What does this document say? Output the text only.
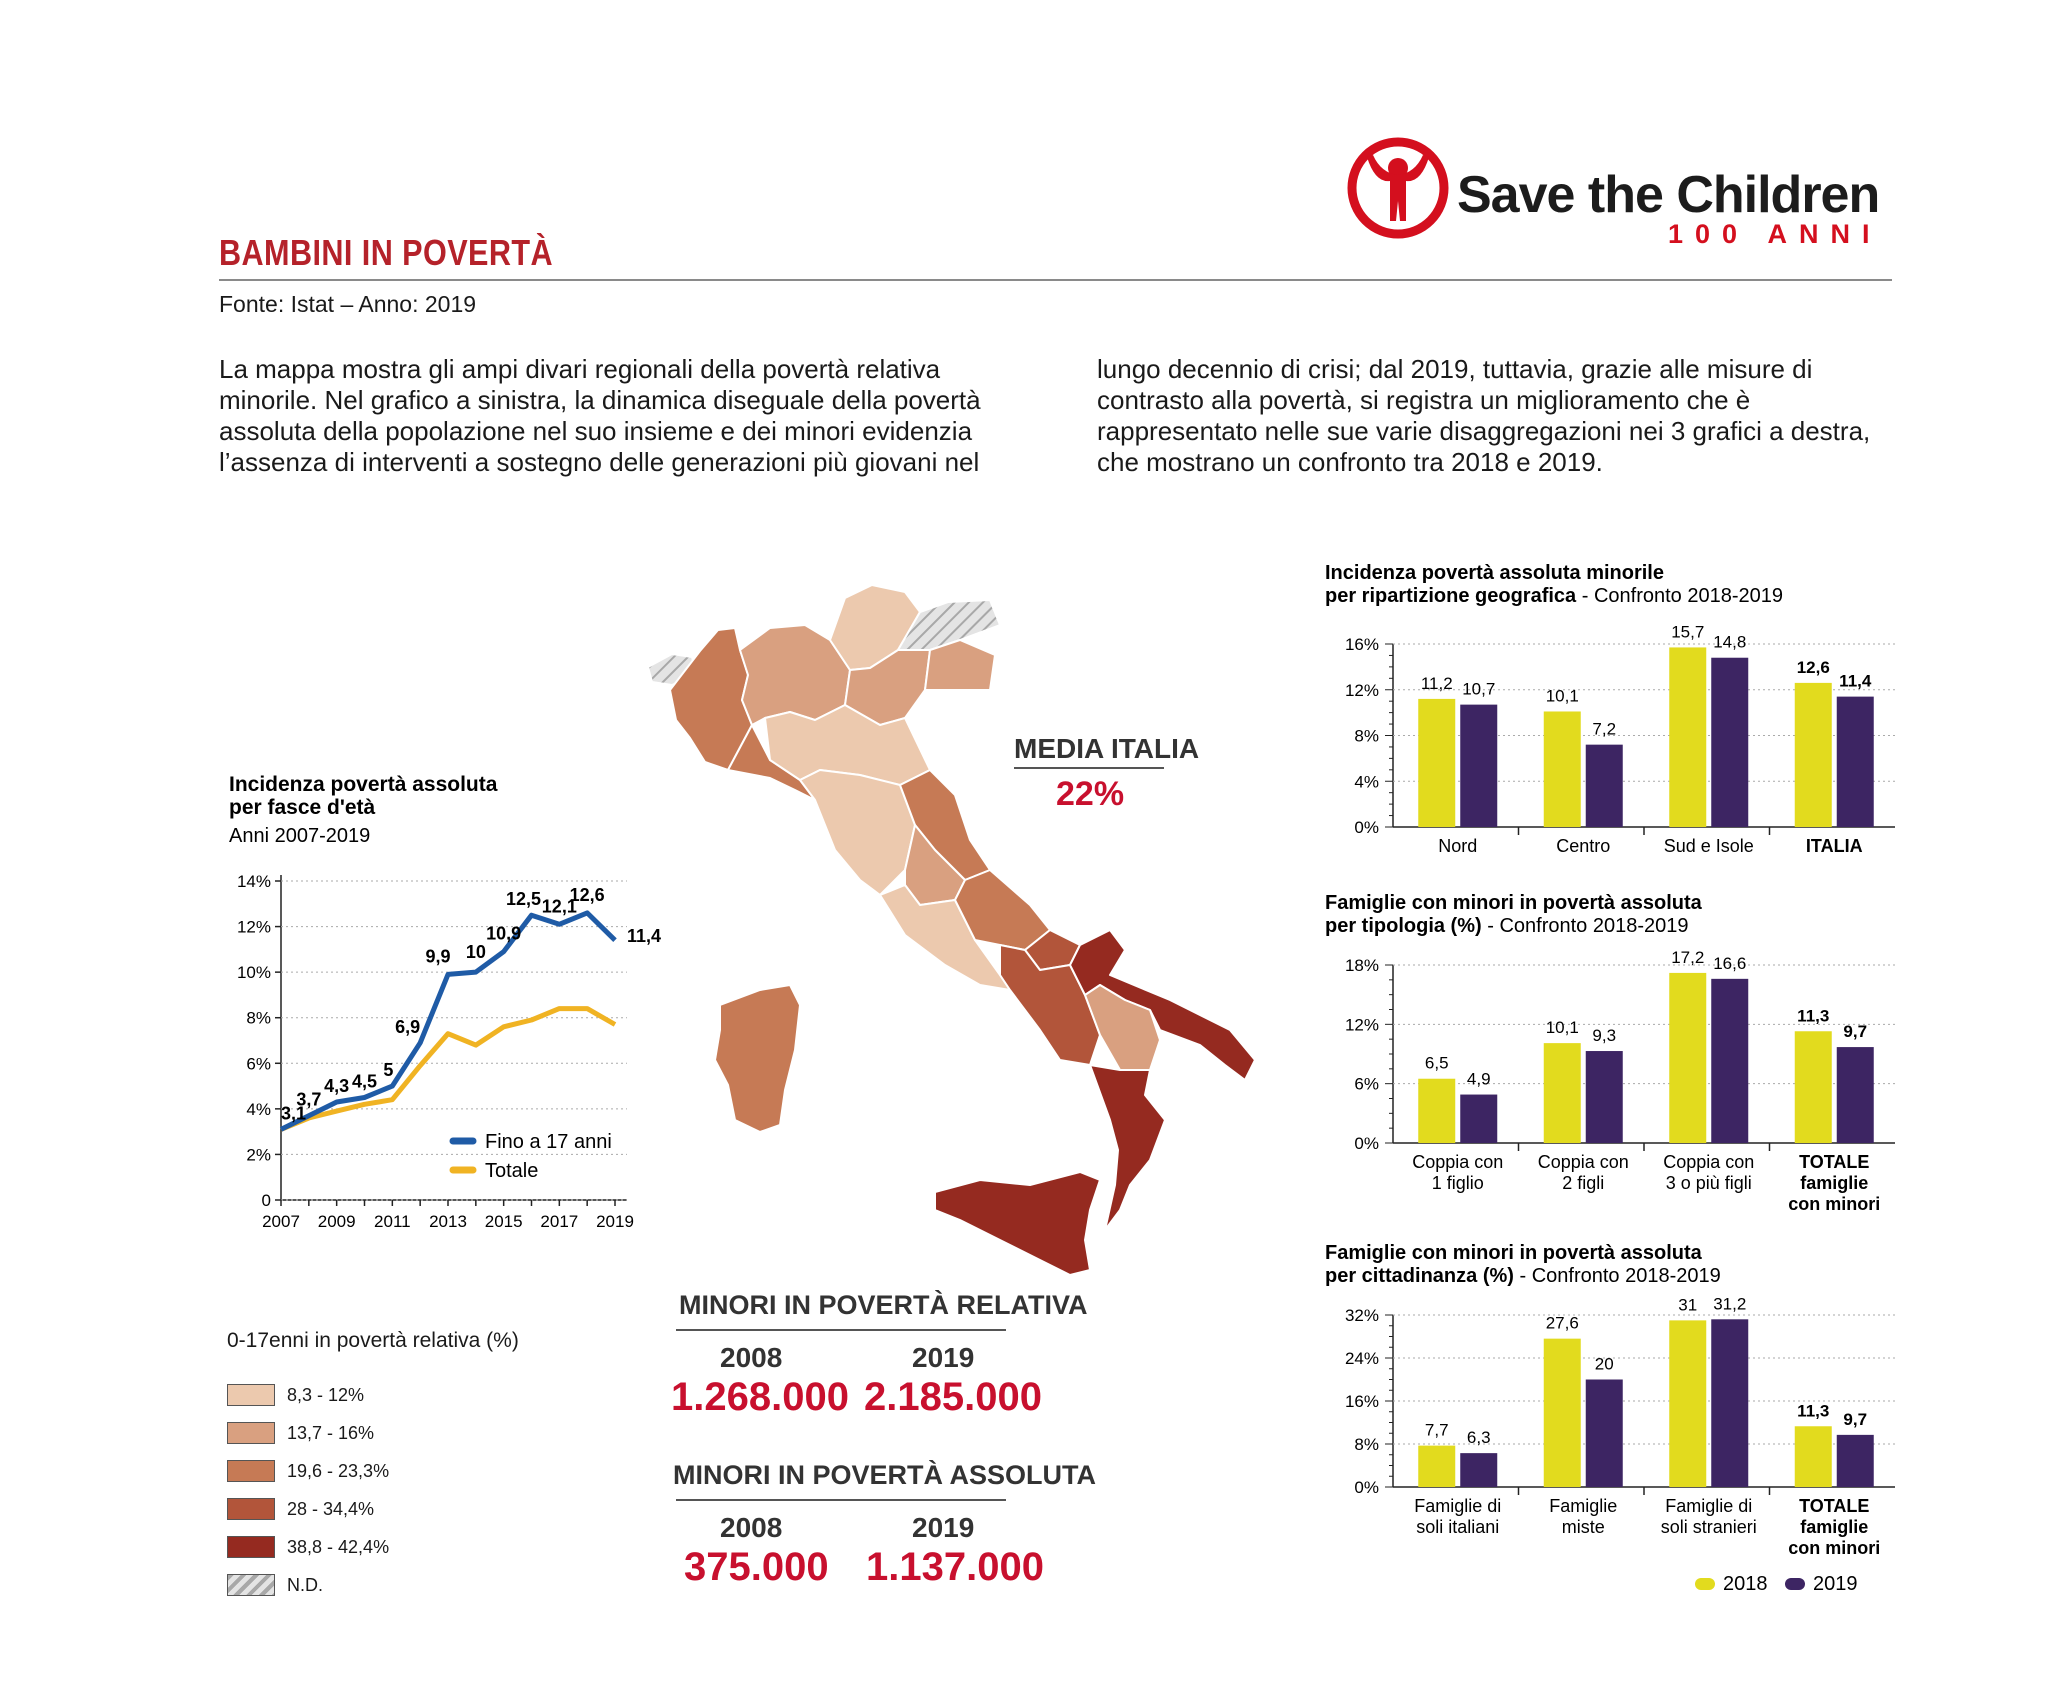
Save the Children
100 ANNI
BAMBINI IN POVERTÀ
Fonte: Istat – Anno: 2019
La mappa mostra gli ampi divari regionali della povertà relativa minorile. Nel grafico a sinistra, la dinamica diseguale della povertà assoluta della popolazione nel suo insieme e dei minori evidenzia l’assenza di interventi a sostegno delle generazioni più giovani nel
lungo decennio di crisi; dal 2019, tuttavia, grazie alle misure di contrasto alla povertà, si registra un miglioramento che è rappresentato nelle sue varie disaggregazioni nei 3 grafici a destra, che mostrano un confronto tra 2018 e 2019.
MEDIA ITALIA
22%
0-17enni in povertà relativa (%)
8,3 - 12%
13,7 - 16%
19,6 - 23,3%
28 - 34,4%
38,8 - 42,4%
N.D.
MINORI IN POVERTÀ RELATIVA
2008	2019
1.268.000 2.185.000
MINORI IN POVERTÀ ASSOLUTA
2008	2019
375.000 1.137.000
Incidenza povertà assoluta
per fasce d'età
Anni 2007-2019
0
2%
4%
6%
8%
10%
12%
14%
2007 2009 2011 2013 2015 2017 2019
3,1
3,7
4,3 4,5
5
6,9
9,9 10
10,9
12,5 12,1
12,6
11,4
Fino a 17 anni
Totale
Incidenza povertà assoluta minorile
per ripartizione geografica - Confronto 2018-2019
0%
4%
8%
12%
16%
11,2 10,7
Nord
10,1
7,2
Centro
15,7
14,8
Sud e Isole
12,6
11,4
ITALIA
Famiglie con minori in povertà assoluta
per tipologia (%) - Confronto 2018-2019
0%
6%
12%
18%
6,5
4,9
Coppia con
1 figlio
10,1 9,3
Coppia con
2 figli
17,2 16,6
Coppia con
3 o più figli
11,3
9,7
TOTALE
famiglie
con minori
Famiglie con minori in povertà assoluta
per cittadinanza (%) - Confronto 2018-2019
0%
8%
16%
24%
32%
7,7 6,3
Famiglie di
soli italiani
27,6
20
Famiglie
miste
31 31,2
Famiglie di
soli stranieri
11,3 9,7
TOTALE
famiglie
con minori
2018 2019
